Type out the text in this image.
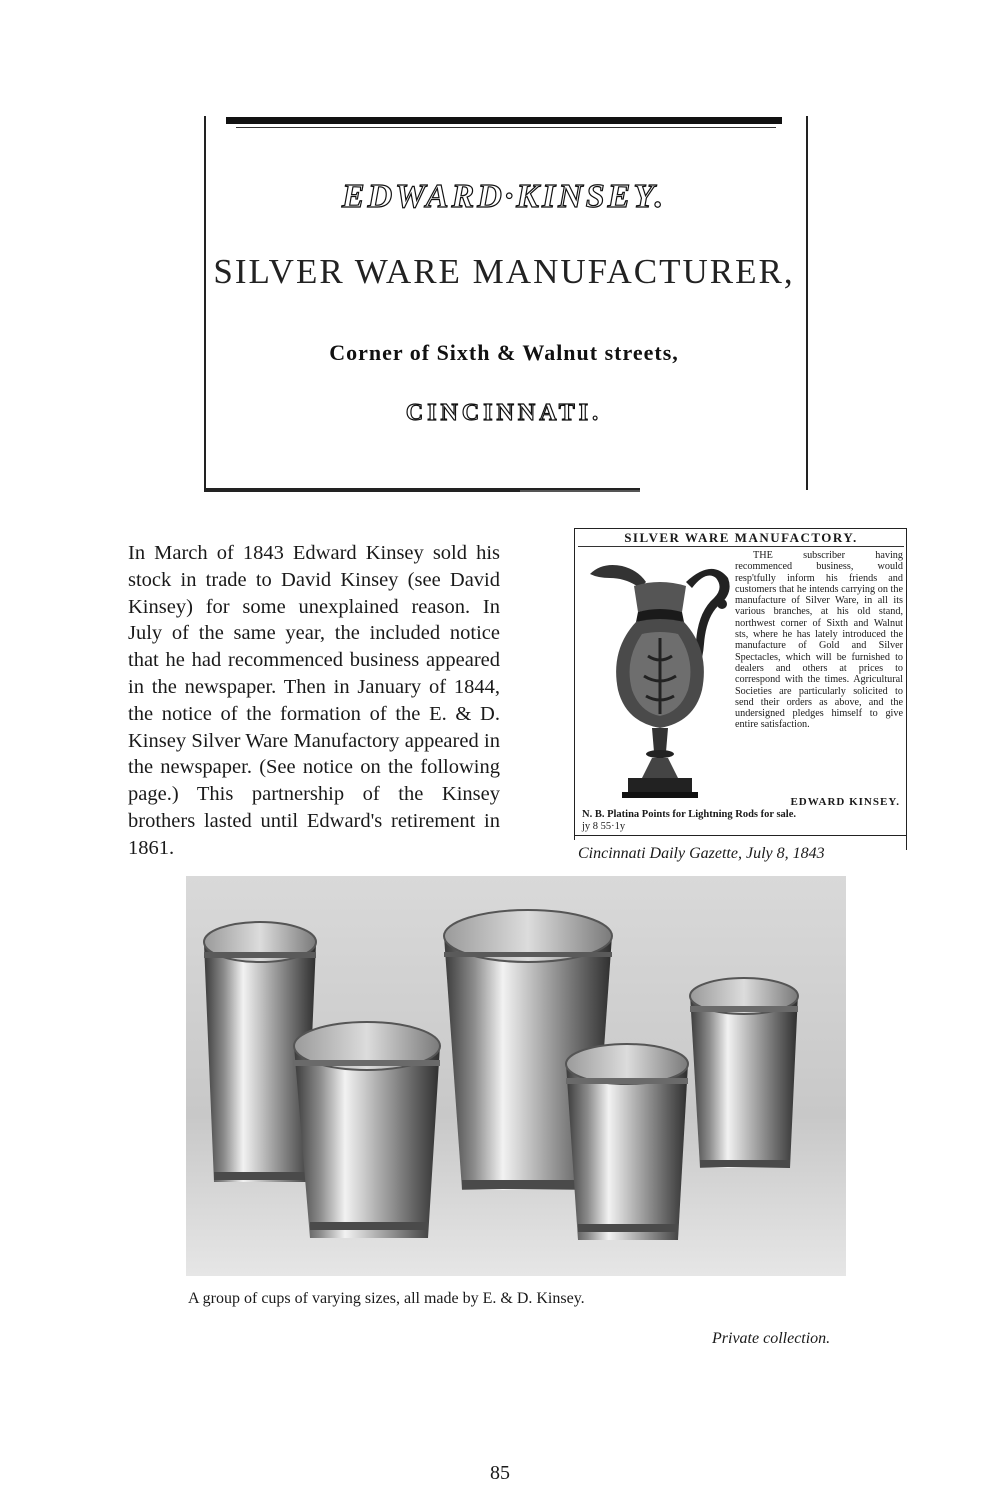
EDWARD·KINSEY.
SILVER WARE MANUFACTURER,
Corner of Sixth & Walnut streets,
CINCINNATI.

In March of 1843 Edward Kinsey sold his stock in trade to David Kinsey (see David Kinsey) for some unexplained reason. In July of the same year, the included notice that he had recommenced business appeared in the newspaper. Then in January of 1844, the notice of the formation of the E. & D. Kinsey Silver Ware Manufactory appeared in the newspaper. (See notice on the following page.) This partnership of the Kinsey brothers lasted until Edward's retirement in 1861.

SILVER WARE MANUFACTORY.
THE subscriber having recommenced business, would resp'tfully inform his friends and customers that he intends carrying on the manufacture of Silver Ware, in all its various branches, at his old stand, northwest corner of Sixth and Walnut sts, where he has lately introduced the manufacture of Gold and Silver Spectacles, which will be furnished to dealers and others at prices to correspond with the times. Agricultural Societies are particularly solicited to send their orders as above, and the undersigned pledges himself to give entire satisfaction.
EDWARD KINSEY.
N. B. Platina Points for Lightning Rods for sale.
jy 8 55·1y
Cincinnati Daily Gazette, July 8, 1843
A group of cups of varying sizes, all made by E. & D. Kinsey.
Private collection.
85
